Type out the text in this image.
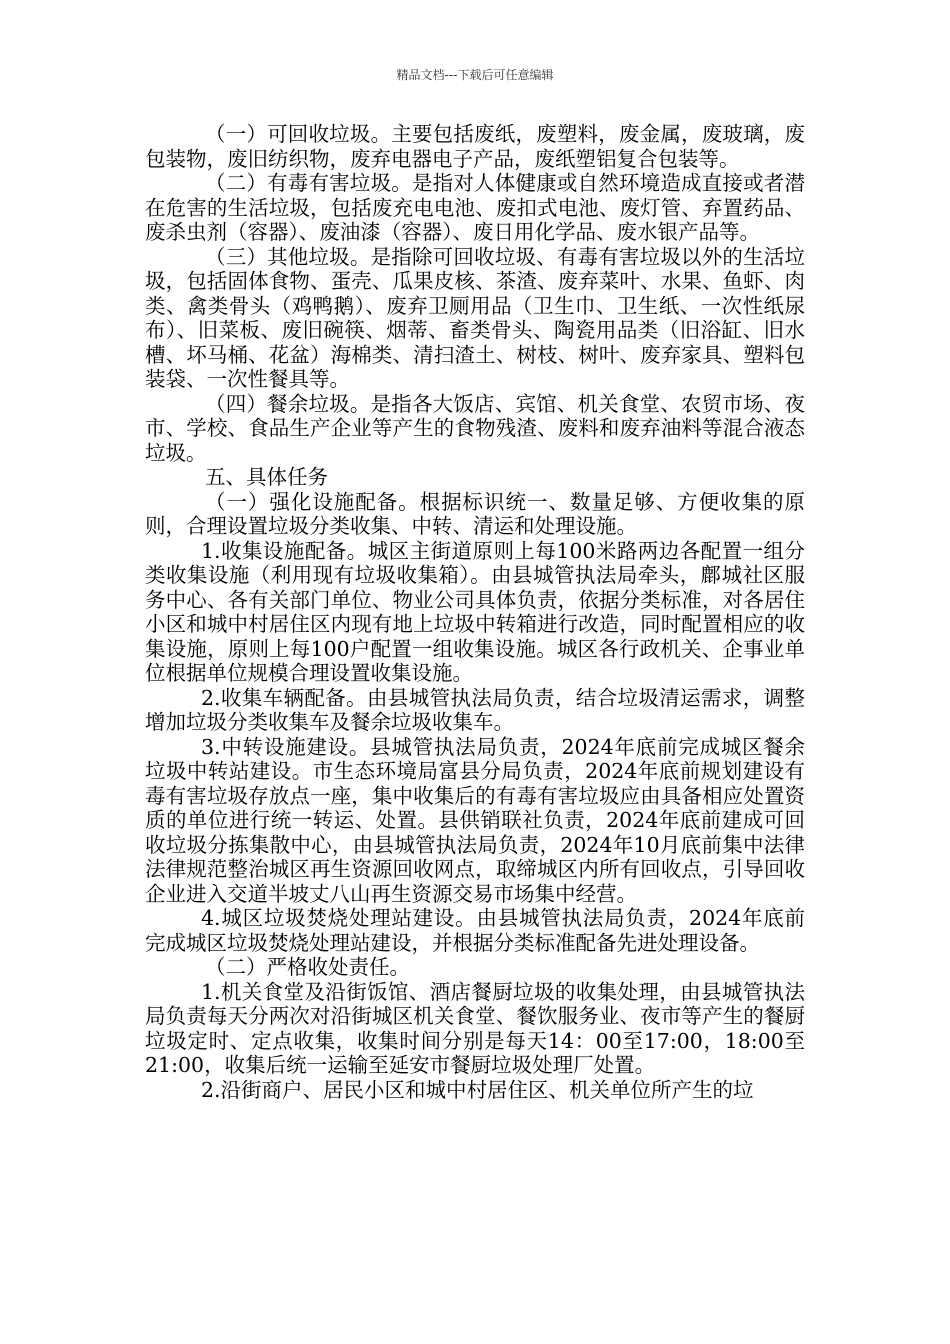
精品文档---下载后可任意编辑

（一）可回收垃圾。主要包括废纸，废塑料，废金属，废玻璃，废包装物，废旧纺织物，废弃电器电子产品，废纸塑铝复合包装等。

（二）有毒有害垃圾。是指对人体健康或自然环境造成直接或者潜在危害的生活垃圾，包括废充电电池、废扣式电池、废灯管、弃置药品、废杀虫剂（容器）、废油漆（容器）、废日用化学品、废水银产品等。

（三）其他垃圾。是指除可回收垃圾、有毒有害垃圾以外的生活垃圾，包括固体食物、蛋壳、瓜果皮核、茶渣、废弃菜叶、水果、鱼虾、肉类、禽类骨头（鸡鸭鹅）、废弃卫厕用品（卫生巾、卫生纸、一次性纸尿布）、旧菜板、废旧碗筷、烟蒂、畜类骨头、陶瓷用品类（旧浴缸、旧水槽、坏马桶、花盆）海棉类、清扫渣土、树枝、树叶、废弃家具、塑料包装袋、一次性餐具等。

（四）餐余垃圾。是指各大饭店、宾馆、机关食堂、农贸市场、夜市、学校、食品生产企业等产生的食物残渣、废料和废弃油料等混合液态垃圾。

五、具体任务

（一）强化设施配备。根据标识统一、数量足够、方便收集的原则，合理设置垃圾分类收集、中转、清运和处理设施。

1.收集设施配备。城区主街道原则上每100米路两边各配置一组分类收集设施（利用现有垃圾收集箱）。由县城管执法局牵头，鄜城社区服务中心、各有关部门单位、物业公司具体负责，依据分类标准，对各居住小区和城中村居住区内现有地上垃圾中转箱进行改造，同时配置相应的收集设施，原则上每100户配置一组收集设施。城区各行政机关、企事业单位根据单位规模合理设置收集设施。

2.收集车辆配备。由县城管执法局负责，结合垃圾清运需求，调整增加垃圾分类收集车及餐余垃圾收集车。

3.中转设施建设。县城管执法局负责，2024年底前完成城区餐余垃圾中转站建设。市生态环境局富县分局负责，2024年底前规划建设有毒有害垃圾存放点一座，集中收集后的有毒有害垃圾应由具备相应处置资质的单位进行统一转运、处置。县供销联社负责，2024年底前建成可回收垃圾分拣集散中心，由县城管执法局负责，2024年10月底前集中法律法律规范整治城区再生资源回收网点，取缔城区内所有回收点，引导回收企业进入交道半坡丈八山再生资源交易市场集中经营。

4.城区垃圾焚烧处理站建设。由县城管执法局负责，2024年底前完成城区垃圾焚烧处理站建设，并根据分类标准配备先进处理设备。

（二）严格收处责任。

1.机关食堂及沿街饭馆、酒店餐厨垃圾的收集处理，由县城管执法局负责每天分两次对沿街城区机关食堂、餐饮服务业、夜市等产生的餐厨垃圾定时、定点收集，收集时间分别是每天14：00至17:00，18:00至21:00，收集后统一运输至延安市餐厨垃圾处理厂处置。

2.沿街商户、居民小区和城中村居住区、机关单位所产生的垃
